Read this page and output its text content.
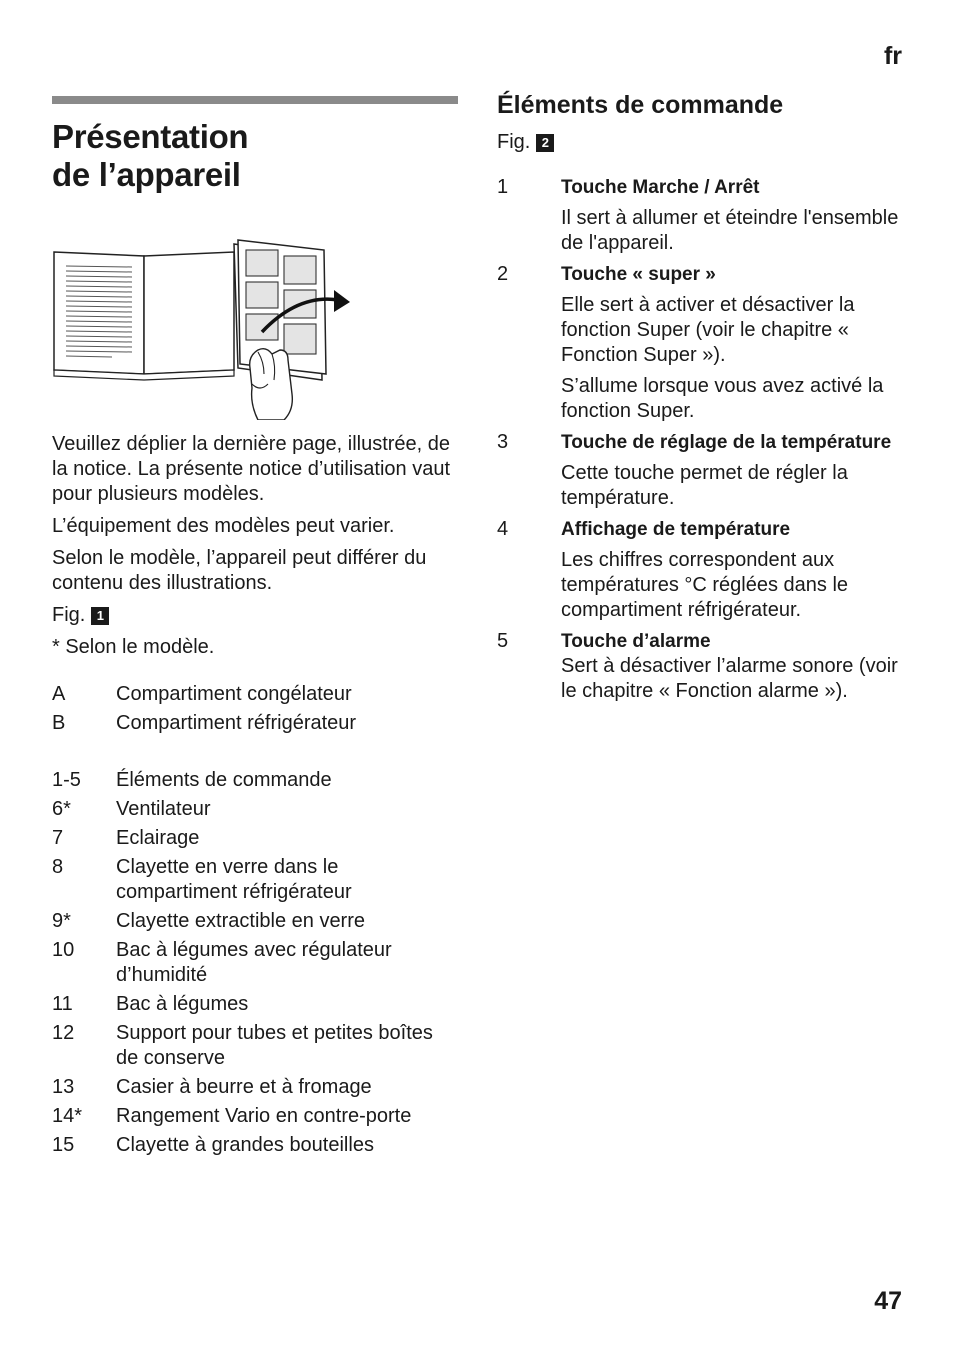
fr
Présentation
de l’appareil

Veuillez déplier la dernière page, illustrée, de la notice. La présente notice d’utilisation vaut pour plusieurs modèles.

L’équipement des modèles peut varier.

Selon le modèle, l’appareil peut différer du contenu des illustrations.

Fig. 1

* Selon le modèle.

A	Compartiment congélateur
B	Compartiment réfrigérateur
1-5	Éléments de commande
6*	Ventilateur
7	Eclairage
8	Clayette en verre dans le compartiment réfrigérateur
9*	Clayette extractible en verre
10	Bac à légumes avec régulateur d’humidité
11	Bac à légumes
12	Support pour tubes et petites boîtes de conserve
13	Casier à beurre et à fromage
14*	Rangement Vario en contre-porte
15	Clayette à grandes bouteilles
Éléments de commande
Fig. 2
1	Touche Marche / Arrêt
Il sert à allumer et éteindre l'ensemble de l'appareil.
2	Touche « super »
Elle sert à activer et désactiver la fonction Super (voir le chapitre « Fonction Super »).
S’allume lorsque vous avez activé la fonction Super.
3	Touche de réglage de la température
Cette touche permet de régler la température.
4	Affichage de température
Les chiffres correspondent aux températures °C réglées dans le compartiment réfrigérateur.
5	Touche d’alarme
Sert à désactiver l’alarme sonore (voir le chapitre « Fonction alarme »).
47
